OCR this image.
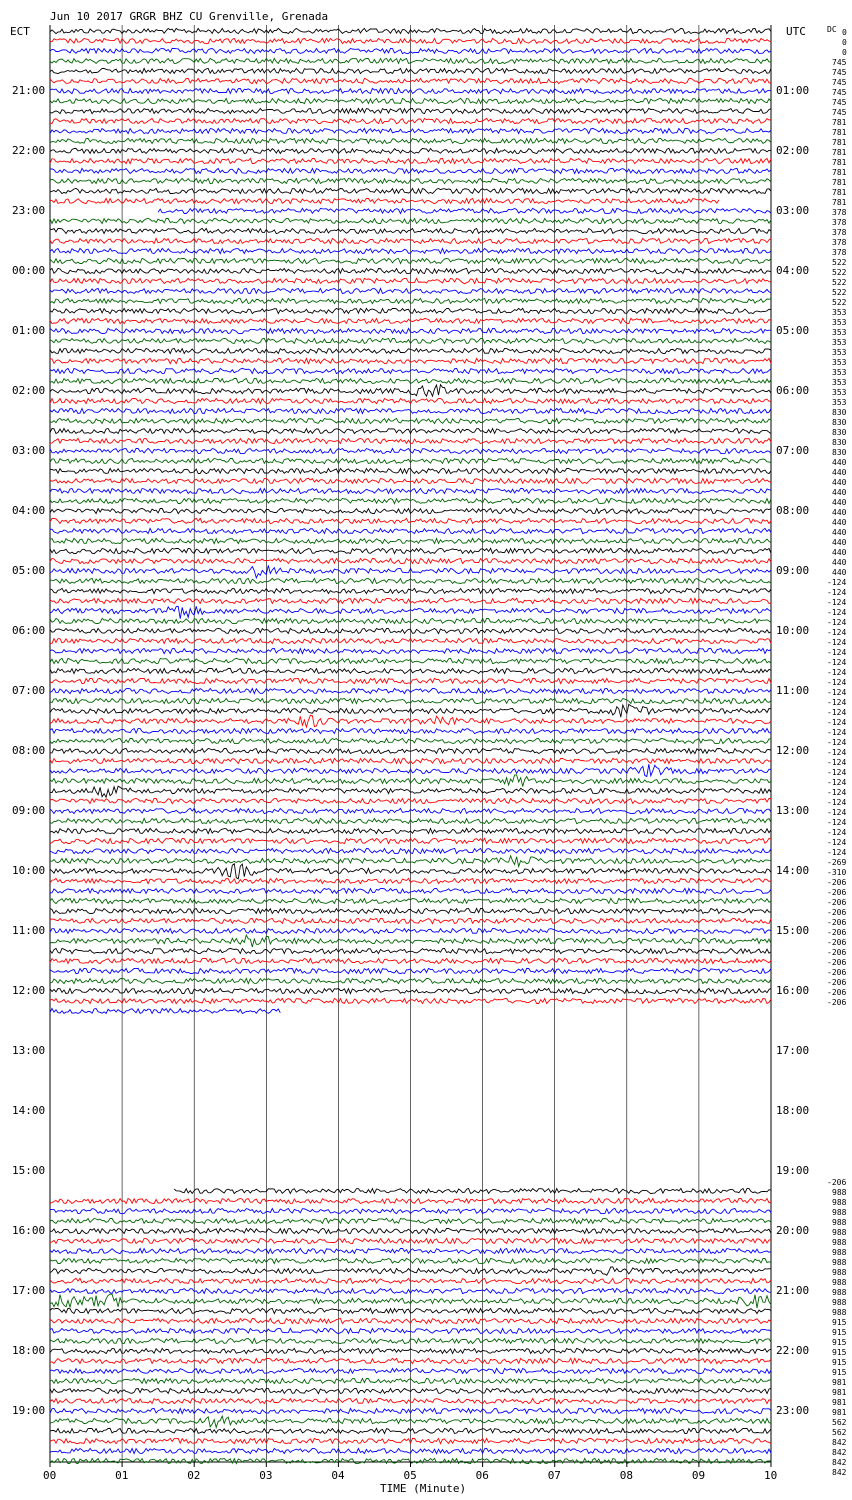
Jun 10 2017 GRGR BHZ CU Grenville, Grenada
ECT	UTC	DC
21:00
22:00
23:00
00:00
01:00
02:00
03:00
04:00
05:00
06:00
07:00
08:00
09:00
10:00
11:00
12:00
13:00
14:00
15:00
16:00
17:00
18:00
19:00
01:00
02:00
03:00
04:00
05:00
06:00
07:00
08:00
09:00
10:00
11:00
12:00
13:00
14:00
15:00
16:00
17:00
18:00
19:00
20:00
21:00
22:00
23:00
00	01	02	03	04	05	06	07	08	09	10
0
0
0
745
745
745
745
745
745
781
781
781
781
781
781
781
781
781
378
378
378
378
378
522
522
522
522
522
353
353
353
353
353
353
353
353
353
353
830
830
830
830
830
440
440
440
440
440
440
440
440
440
440
440
440
-124
-124
-124
-124
-124
-124
-124
-124
-124
-124
-124
-124
-124
-124
-124
-124
-124
-124
-124
-124
-124
-124
-124
-124
-124
-124
-124
-124
-269
-310
-206
-206
-206
-206
-206
-206
-206
-206
-206
-206
-206
-206
-206
-206
988
988
988
988
988
988
988
988
988
988
988
988
988
915
915
915
915
915
915
981
981
981
981
562
562
842
842
842
842
TIME (Minute)
